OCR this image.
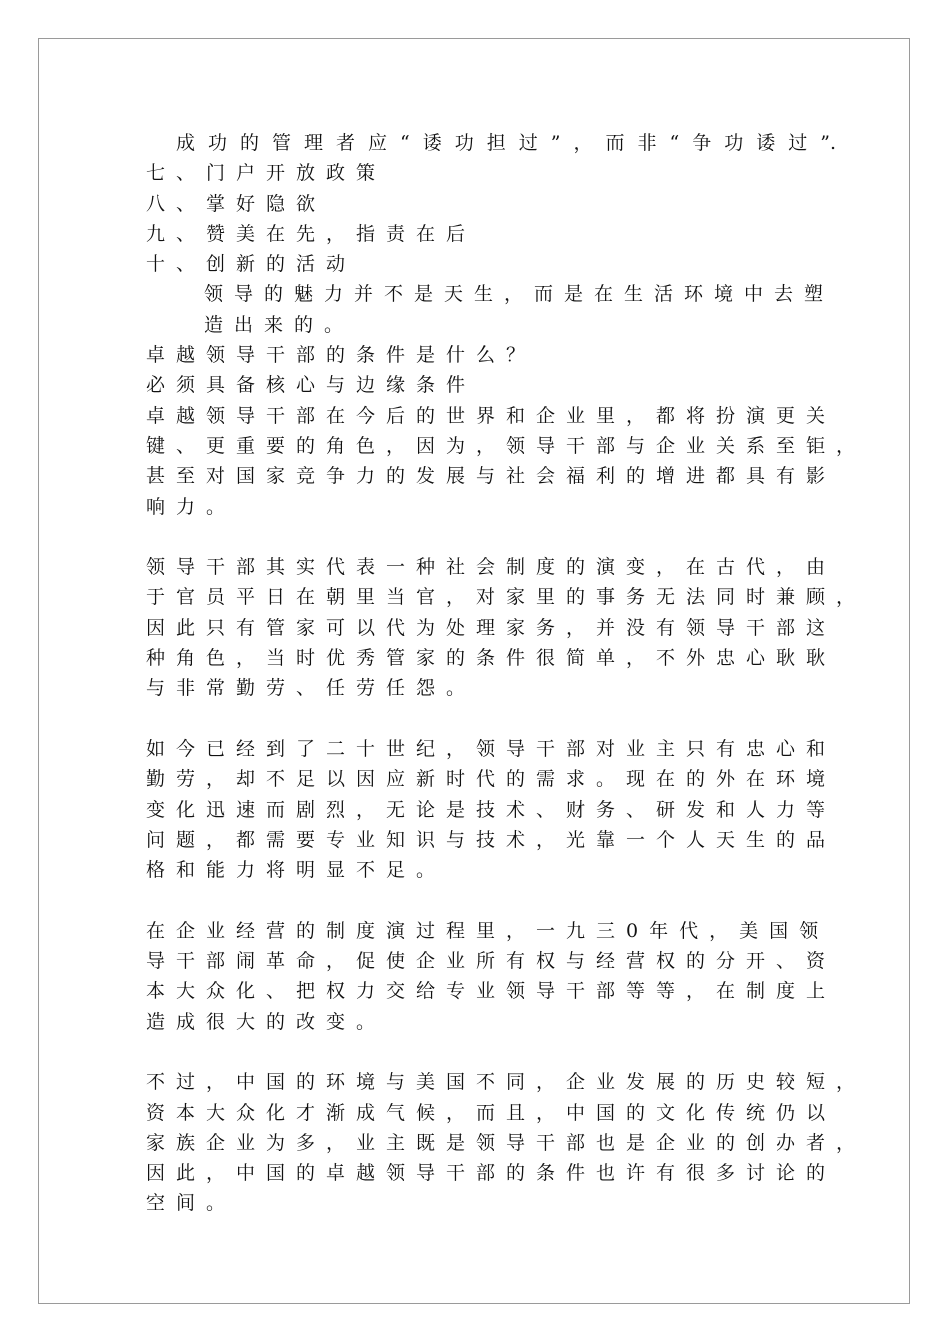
成功的管理者应“诿功担过”，而非“争功诿过”.
七、门户开放政策
八、掌好隐欲
九、赞美在先，指责在后
十、创新的活动
领导的魅力并不是天生，而是在生活环境中去塑
造出来的。
卓越领导干部的条件是什么？
必须具备核心与边缘条件
卓越领导干部在今后的世界和企业里，都将扮演更关
键、更重要的角色，因为，领导干部与企业关系至钜，
甚至对国家竞争力的发展与社会福利的增进都具有影
响力。
领导干部其实代表一种社会制度的演变，在古代，由
于官员平日在朝里当官，对家里的事务无法同时兼顾，
因此只有管家可以代为处理家务，并没有领导干部这
种角色，当时优秀管家的条件很简单，不外忠心耿耿
与非常勤劳、任劳任怨。
如今已经到了二十世纪，领导干部对业主只有忠心和
勤劳，却不足以因应新时代的需求。现在的外在环境
变化迅速而剧烈，无论是技术、财务、研发和人力等
问题，都需要专业知识与技术，光靠一个人天生的品
格和能力将明显不足。
在企业经营的制度演过程里，一九三0年代，美国领
导干部闹革命，促使企业所有权与经营权的分开、资
本大众化、把权力交给专业领导干部等等，在制度上
造成很大的改变。
不过，中国的环境与美国不同，企业发展的历史较短，
资本大众化才渐成气候，而且，中国的文化传统仍以
家族企业为多，业主既是领导干部也是企业的创办者，
因此，中国的卓越领导干部的条件也许有很多讨论的
空间。
